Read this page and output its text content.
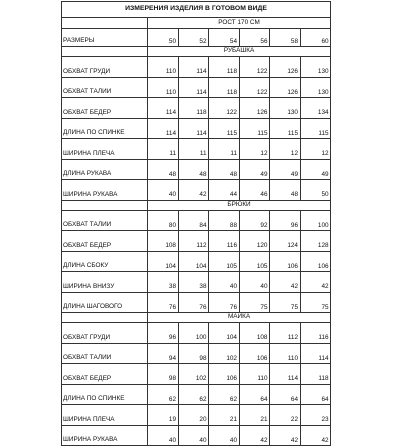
ИЗМЕРЕНИЯ ИЗДЕЛИЯ В ГОТОВОМ ВИДЕ						
	РОСТ 170 СМ					
РАЗМЕРЫ	50	52	54	56	58	60
	РУБАШКА					
ОБХВАТ ГРУДИ	110	114	118	122	126	130
ОБХВАТ ТАЛИИ	110	114	118	122	126	130
ОБХВАТ БЕДЕР	114	118	122	126	130	134
ДЛИНА ПО СПИНКЕ	114	114	115	115	115	115
ШИРИНА ПЛЕЧА	11	11	11	12	12	12
ДЛИНА РУКАВА	48	48	48	49	49	49
ШИРИНА РУКАВА	40	42	44	46	48	50
	БРЮКИ					
ОБХВАТ ТАЛИИ	80	84	88	92	96	100
ОБХВАТ БЕДЕР	108	112	116	120	124	128
ДЛИНА СБОКУ	104	104	105	105	106	106
ШИРИНА ВНИЗУ	38	38	40	40	42	42
ДЛИНА ШАГОВОГО	76	76	76	75	75	75
	МАЙКА					
ОБХВАТ ГРУДИ	96	100	104	108	112	116
ОБХВАТ ТАЛИИ	94	98	102	106	110	114
ОБХВАТ БЕДЕР	98	102	106	110	114	118
ДЛИНА ПО СПИНКЕ	62	62	62	64	64	64
ШИРИНА ПЛЕЧА	19	20	21	21	22	23
ШИРИНА РУКАВА	40	40	40	42	42	42
